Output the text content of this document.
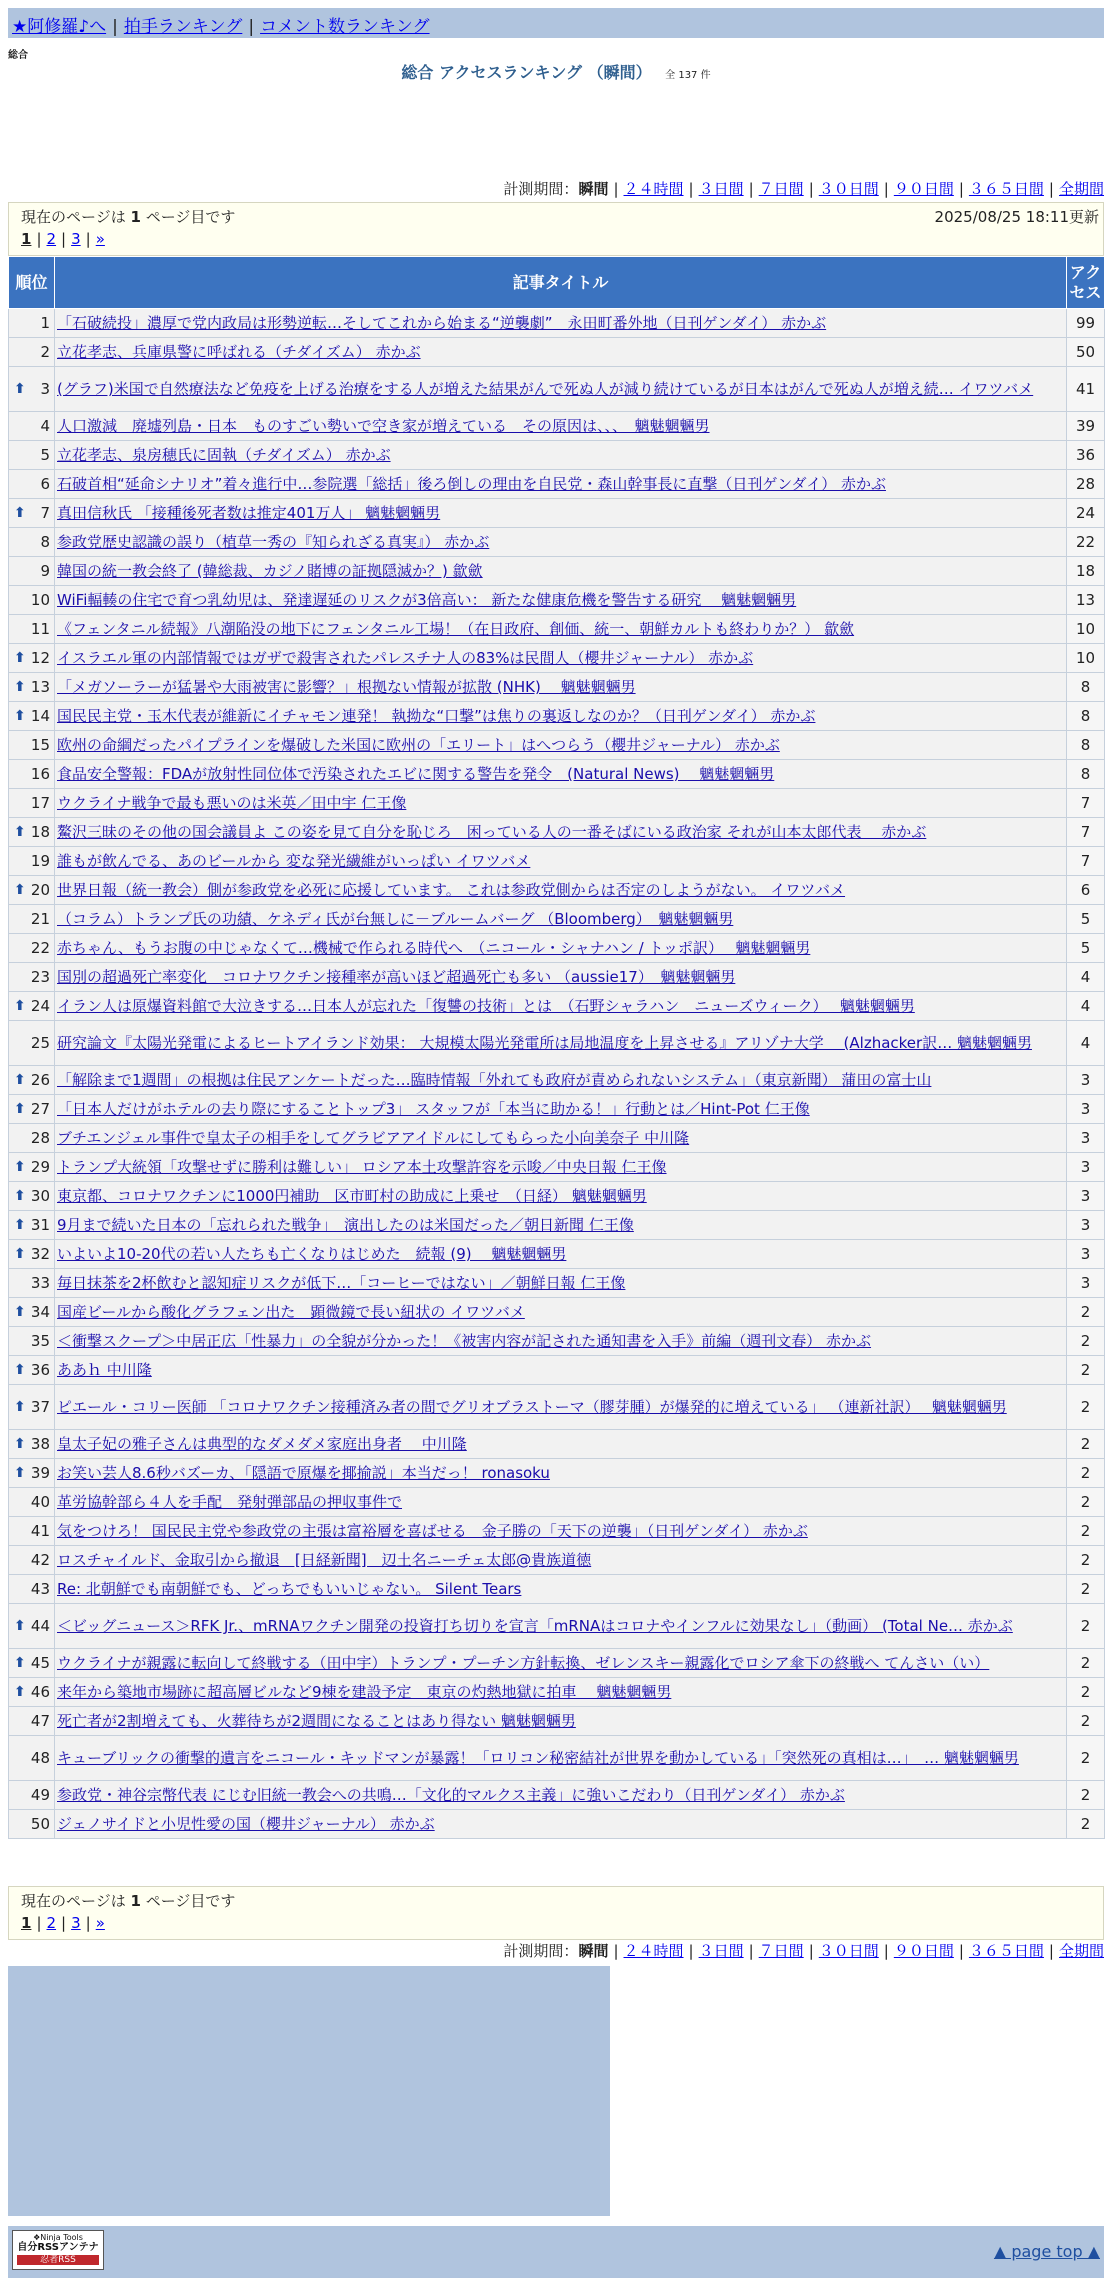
★阿修羅♪へ | 拍手ランキング | コメント数ランキング
総合
総合 アクセスランキング （瞬間） 全 137 件
計測期間：瞬間 | ２４時間 | ３日間 | ７日間 | ３０日間 | ９０日間 | ３６５日間 | 全期間
現在のページは 1 ページ目です	2025/08/25 18:11更新
1 | 2 | 3 | »
順位	記事タイトル	アクセス
1	「石破続投」濃厚で党内政局は形勢逆転…そしてこれから始まる“逆襲劇”　永田町番外地（日刊ゲンダイ） 赤かぶ	99
2	立花孝志、兵庫県警に呼ばれる（チダイズム） 赤かぶ	50

⬆ 3	(グラフ)米国で自然療法など免疫を上げる治療をする人が増えた結果がんで死ぬ人が減り続けているが日本はがんで死ぬ人が増え続… イワツバメ	41
4	人口激減　廃墟列島・日本　ものすごい勢いで空き家が増えている　その原因は、、、　魑魅魍魎男	39
5	立花孝志、泉房穂氏に固執（チダイズム） 赤かぶ	36
6	石破首相“延命シナリオ”着々進行中…参院選「総括」後ろ倒しの理由を自民党・森山幹事長に直撃（日刊ゲンダイ） 赤かぶ	28

⬆ 7	真田信秋氏 「接種後死者数は推定401万人」 魑魅魍魎男	24
8	参政党歴史認識の誤り（植草一秀の『知られざる真実』） 赤かぶ	22
9	韓国の統一教会終了 (韓総裁、カジノ賭博の証拠隠滅か？) 歙歛	18
10	WiFi輻輳の住宅で育つ乳幼児は、発達遅延のリスクが3倍高い： 新たな健康危機を警告する研究　 魑魅魍魎男	13
11	《フェンタニル続報》八潮陥没の地下にフェンタニル工場！（在日政府、創価、統一、朝鮮カルトも終わりか？） 歙歛	10

⬆ 12	イスラエル軍の内部情報ではガザで殺害されたパレスチナ人の83%は民間人（櫻井ジャーナル） 赤かぶ	10

⬆ 13	「メガソーラーが猛暑や大雨被害に影響？」根拠ない情報が拡散 (NHK)　 魑魅魍魎男	8

⬆ 14	国民民主党・玉木代表が維新にイチャモン連発！ 執拗な“口撃”は焦りの裏返しなのか？（日刊ゲンダイ） 赤かぶ	8
15	欧州の命綱だったパイプラインを爆破した米国に欧州の「エリート」はへつらう（櫻井ジャーナル） 赤かぶ	8
16	食品安全警報：FDAが放射性同位体で汚染されたエビに関する警告を発令　(Natural News)　 魑魅魍魎男	8
17	ウクライナ戦争で最も悪いのは米英／田中宇 仁王像	7

⬆ 18	鰲沢三昧のその他の国会議員よ この姿を見て自分を恥じろ　困っている人の一番そばにいる政治家 それが山本太郎代表　 赤かぶ	7
19	誰もが飲んでる、あのビールから 変な発光繊維がいっぱい イワツバメ	7

⬆ 20	世界日報（統一教会）側が参政党を必死に応援しています。 これは参政党側からは否定のしようがない。 イワツバメ	6
21	（コラム）トランプ氏の功績、ケネディ氏が台無しに－ブルームバーグ （Bloomberg）　魑魅魍魎男	5
22	赤ちゃん、もうお腹の中じゃなくて…機械で作られる時代へ　（ニコール・シャナハン / トッポ訳）　 魑魅魍魎男	5
23	国別の超過死亡率変化　コロナワクチン接種率が高いほど超過死亡も多い （aussie17）　魑魅魍魎男	4

⬆ 24	イラン人は原爆資料館で大泣きする…日本人が忘れた「復讐の技術」とは　（石野シャラハン　ニューズウィーク）　 魑魅魍魎男	4
25	研究論文『太陽光発電によるヒートアイランド効果： 大規模太陽光発電所は局地温度を上昇させる』アリゾナ大学　 (Alzhacker訳… 魑魅魍魎男	4

⬆ 26	「解除まで1週間」の根拠は住民アンケートだった…臨時情報「外れても政府が責められないシステム」（東京新聞） 蒲田の富士山	3

⬆ 27	「日本人だけがホテルの去り際にすることトップ3」 スタッフが「本当に助かる！」行動とは／Hint-Pot 仁王像	3
28	ブチエンジェル事件で皇太子の相手をしてグラビアアイドルにしてもらった小向美奈子 中川隆	3

⬆ 29	トランプ大統領「攻撃せずに勝利は難しい」 ロシア本土攻撃許容を示唆／中央日報 仁王像	3

⬆ 30	東京都、コロナワクチンに1000円補助　区市町村の助成に上乗せ　（日経） 魑魅魍魎男	3

⬆ 31	9月まで続いた日本の「忘れられた戦争」　演出したのは米国だった／朝日新聞 仁王像	3

⬆ 32	いよいよ10-20代の若い人たちも亡くなりはじめた　続報 (9)　 魑魅魍魎男	3
33	毎日抹茶を2杯飲むと認知症リスクが低下…「コーヒーではない」／朝鮮日報 仁王像	3

⬆ 34	国産ビールから酸化グラフェン出た　顕微鏡で長い紐状の イワツバメ	2
35	＜衝撃スクープ＞中居正広「性暴力」の全貌が分かった！《被害内容が記された通知書を入手》前編（週刊文春） 赤かぶ	2

⬆ 36	ああｈ 中川隆	2

⬆ 37	ピエール・コリー医師 「コロナワクチン接種済み者の間でグリオブラストーマ（膠芽腫）が爆発的に増えている」 （連新社訳）　 魑魅魍魎男	2

⬆ 38	皇太子妃の雅子さんは典型的なダメダメ家庭出身者　 中川隆	2

⬆ 39	お笑い芸人8.6秒バズーカ、「隠語で原爆を揶揄説」本当だっ！ ronasoku	2
40	革労協幹部ら４人を手配　発射弾部品の押収事件で	2
41	気をつけろ！ 国民民主党や参政党の主張は富裕層を喜ばせる　金子勝の「天下の逆襲」（日刊ゲンダイ） 赤かぶ	2
42	ロスチャイルド、金取引から撤退　[日経新聞]　辺土名ニーチェ太郎@貴族道徳	2
43	Re: 北朝鮮でも南朝鮮でも、どっちでもいいじゃない。 Silent Tears	2

⬆ 44	＜ビッグニュース＞RFK Jr.、mRNAワクチン開発の投資打ち切りを宣言「mRNAはコロナやインフルに効果なし」（動画） (Total Ne… 赤かぶ	2

⬆ 45	ウクライナが親露に転向して終戦する（田中宇）トランプ・プーチン方針転換、ゼレンスキー親露化でロシア傘下の終戦へ てんさい（い）	2

⬆ 46	来年から築地市場跡に超高層ビルなど9棟を建設予定　東京の灼熱地獄に拍車　 魑魅魍魎男	2
47	死亡者が2割増えても、火葬待ちが2週間になることはあり得ない 魑魅魍魎男	2
48	キューブリックの衝撃的遺言をニコール・キッドマンが暴露！「ロリコン秘密結社が世界を動かしている」「突然死の真相は…」　… 魑魅魍魎男	2
49	参政党・神谷宗幣代表 にじむ旧統一教会への共鳴…「文化的マルクス主義」に強いこだわり（日刊ゲンダイ） 赤かぶ	2
50	ジェノサイドと小児性愛の国（櫻井ジャーナル） 赤かぶ	2
現在のページは 1 ページ目です
1 | 2 | 3 | »
計測期間：瞬間 | ２４時間 | ３日間 | ７日間 | ３０日間 | ９０日間 | ３６５日間 | 全期間
❖Ninja Tools
自分RSSアンテナ
忍者RSS	▲ page top ▲
